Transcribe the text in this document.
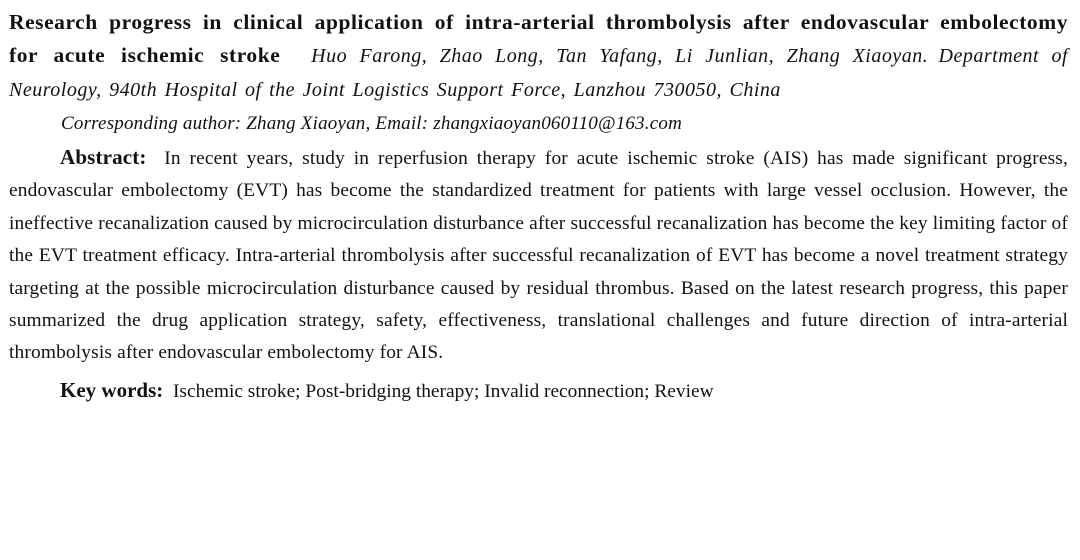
Research progress in clinical application of intra-arterial thrombolysis after endovascular embolectomy for acute ischemic stroke Huo Farong, Zhao Long, Tan Yafang, Li Junlian, Zhang Xiaoyan. Department of Neurology, 940th Hospital of the Joint Logistics Support Force, Lanzhou 730050, China

Corresponding author: Zhang Xiaoyan, Email: zhangxiaoyan060110@163.com

Abstract: In recent years, study in reperfusion therapy for acute ischemic stroke (AIS) has made significant progress, endovascular embolectomy (EVT) has become the standardized treatment for patients with large vessel occlusion. However, the ineffective recanalization caused by microcirculation disturbance after successful recanalization has become the key limiting factor of the EVT treatment efficacy. Intra-arterial thrombolysis after successful recanalization of EVT has become a novel treatment strategy targeting at the possible microcirculation disturbance caused by residual thrombus. Based on the latest research progress, this paper summarized the drug application strategy, safety, effectiveness, translational challenges and future direction of intra-arterial thrombolysis after endovascular embolectomy for AIS.

Key words: Ischemic stroke; Post-bridging therapy; Invalid reconnection; Review
